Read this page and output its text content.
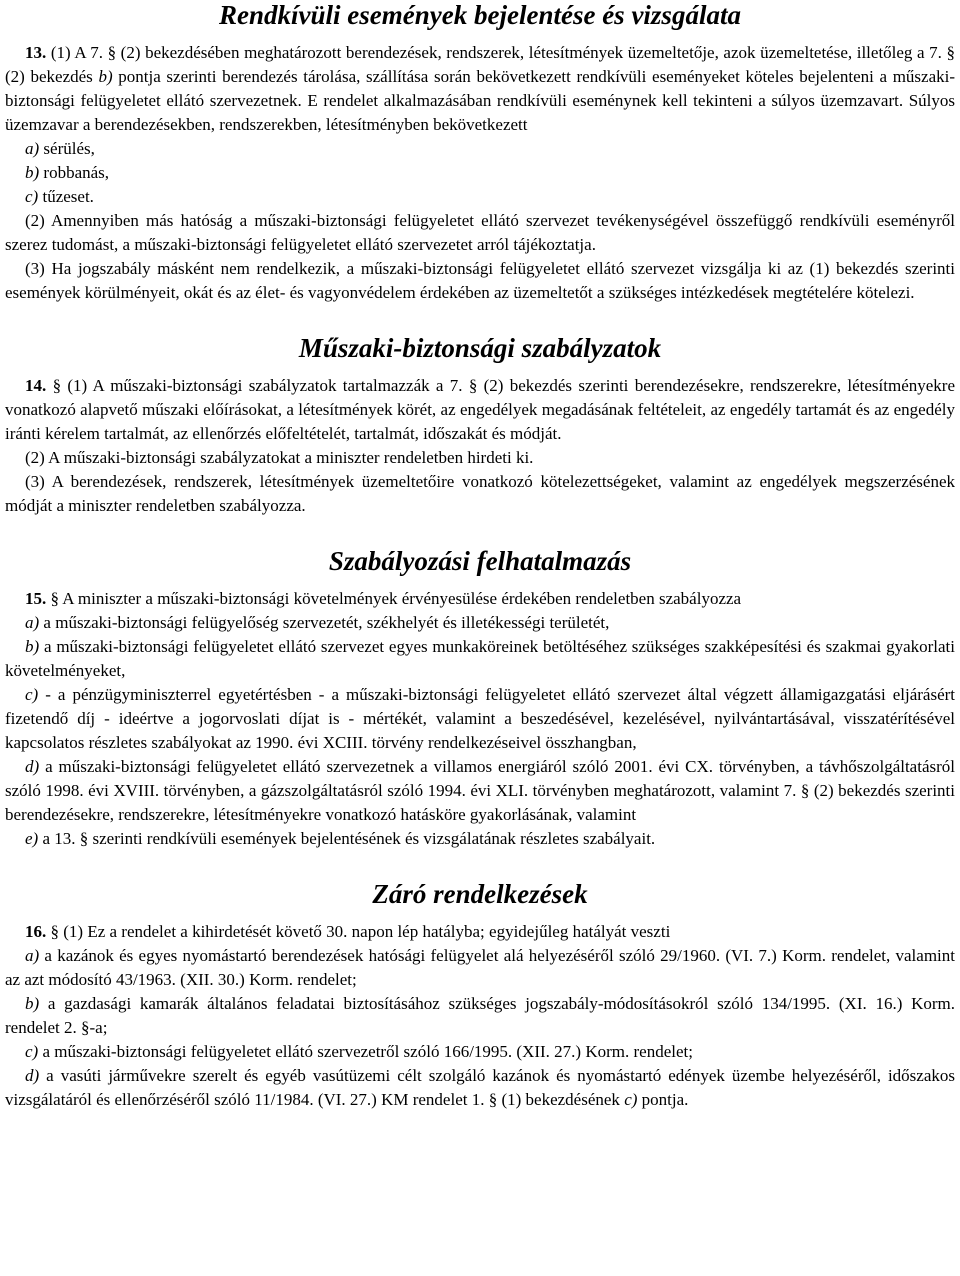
Rendkívüli események bejelentése és vizsgálata

13. (1) A 7. § (2) bekezdésében meghatározott berendezések, rendszerek, létesítmények üzemeltetője, azok üzemeltetése, illetőleg a 7. § (2) bekezdés b) pontja szerinti berendezés tárolása, szállítása során bekövetkezett rendkívüli eseményeket köteles bejelenteni a műszaki-biztonsági felügyeletet ellátó szervezetnek. E rendelet alkalmazásában rendkívüli eseménynek kell tekinteni a súlyos üzemzavart. Súlyos üzemzavar a berendezésekben, rendszerekben, létesítményben bekövetkezett

a) sérülés,

b) robbanás,

c) tűzeset.

(2) Amennyiben más hatóság a műszaki-biztonsági felügyeletet ellátó szervezet tevékenységével összefüggő rendkívüli eseményről szerez tudomást, a műszaki-biztonsági felügyeletet ellátó szervezetet arról tájékoztatja.

(3) Ha jogszabály másként nem rendelkezik, a műszaki-biztonsági felügyeletet ellátó szervezet vizsgálja ki az (1) bekezdés szerinti események körülményeit, okát és az élet- és vagyonvédelem érdekében az üzemeltetőt a szükséges intézkedések megtételére kötelezi.

Műszaki-biztonsági szabályzatok

14. § (1) A műszaki-biztonsági szabályzatok tartalmazzák a 7. § (2) bekezdés szerinti berendezésekre, rendszerekre, létesítményekre vonatkozó alapvető műszaki előírásokat, a létesítmények körét, az engedélyek megadásának feltételeit, az engedély tartamát és az engedély iránti kérelem tartalmát, az ellenőrzés előfeltételét, tartalmát, időszakát és módját.

(2) A műszaki-biztonsági szabályzatokat a miniszter rendeletben hirdeti ki.

(3) A berendezések, rendszerek, létesítmények üzemeltetőire vonatkozó kötelezettségeket, valamint az engedélyek megszerzésének módját a miniszter rendeletben szabályozza.

Szabályozási felhatalmazás

15. § A miniszter a műszaki-biztonsági követelmények érvényesülése érdekében rendeletben szabályozza

a) a műszaki-biztonsági felügyelőség szervezetét, székhelyét és illetékességi területét,

b) a műszaki-biztonsági felügyeletet ellátó szervezet egyes munkaköreinek betöltéséhez szükséges szakképesítési és szakmai gyakorlati követelményeket,

c) - a pénzügyminiszterrel egyetértésben - a műszaki-biztonsági felügyeletet ellátó szervezet által végzett államigazgatási eljárásért fizetendő díj - ideértve a jogorvoslati díjat is - mértékét, valamint a beszedésével, kezelésével, nyilvántartásával, visszatérítésével kapcsolatos részletes szabályokat az 1990. évi XCIII. törvény rendelkezéseivel összhangban,

d) a műszaki-biztonsági felügyeletet ellátó szervezetnek a villamos energiáról szóló 2001. évi CX. törvényben, a távhőszolgáltatásról szóló 1998. évi XVIII. törvényben, a gázszolgáltatásról szóló 1994. évi XLI. törvényben meghatározott, valamint 7. § (2) bekezdés szerinti berendezésekre, rendszerekre, létesítményekre vonatkozó hatásköre gyakorlásának, valamint

e) a 13. § szerinti rendkívüli események bejelentésének és vizsgálatának részletes szabályait.

Záró rendelkezések

16. § (1) Ez a rendelet a kihirdetését követő 30. napon lép hatályba; egyidejűleg hatályát veszti

a) a kazánok és egyes nyomástartó berendezések hatósági felügyelet alá helyezéséről szóló 29/1960. (VI. 7.) Korm. rendelet, valamint az azt módosító 43/1963. (XII. 30.) Korm. rendelet;

b) a gazdasági kamarák általános feladatai biztosításához szükséges jogszabály-módosításokról szóló 134/1995. (XI. 16.) Korm. rendelet 2. §-a;

c) a műszaki-biztonsági felügyeletet ellátó szervezetről szóló 166/1995. (XII. 27.) Korm. rendelet;

d) a vasúti járművekre szerelt és egyéb vasútüzemi célt szolgáló kazánok és nyomástartó edények üzembe helyezéséről, időszakos vizsgálatáról és ellenőrzéséről szóló 11/1984. (VI. 27.) KM rendelet 1. § (1) bekezdésének c) pontja.
